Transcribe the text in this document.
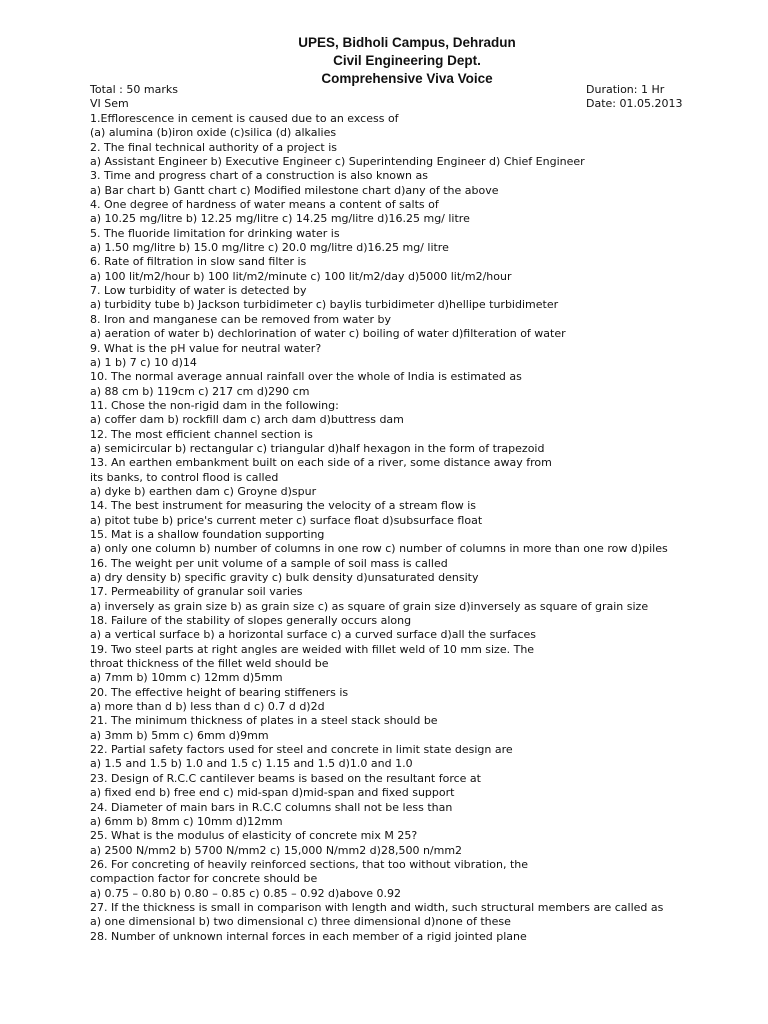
UPES, Bidholi Campus, Dehradun
Civil Engineering Dept.
Comprehensive Viva Voice
Total : 50 marks	Duration: 1 Hr
VI Sem	Date: 01.05.2013
1.Efflorescence in cement is caused due to an excess of
(a) alumina (b)iron oxide (c)silica (d) alkalies
2. The final technical authority of a project is
a) Assistant Engineer b) Executive Engineer c) Superintending Engineer d) Chief Engineer
3. Time and progress chart of a construction is also known as
a) Bar chart b) Gantt chart c) Modified milestone chart d)any of the above
4. One degree of hardness of water means a content of salts of
a) 10.25 mg/litre b) 12.25 mg/litre c) 14.25 mg/litre d)16.25 mg/ litre
5. The fluoride limitation for drinking water is
a) 1.50 mg/litre b) 15.0 mg/litre c) 20.0 mg/litre d)16.25 mg/ litre
6. Rate of filtration in slow sand filter is
a) 100 lit/m2/hour b) 100 lit/m2/minute c) 100 lit/m2/day d)5000 lit/m2/hour
7. Low turbidity of water is detected by
a) turbidity tube b) Jackson turbidimeter c) baylis turbidimeter d)hellipe turbidimeter
8. Iron and manganese can be removed from water by
a) aeration of water b) dechlorination of water c) boiling of water d)filteration of water
9. What is the pH value for neutral water?
a) 1 b) 7 c) 10 d)14
10. The normal average annual rainfall over the whole of India is estimated as
a) 88 cm b) 119cm c) 217 cm d)290 cm
11. Chose the non-rigid dam in the following:
a) coffer dam b) rockfill dam c) arch dam d)buttress dam
12. The most efficient channel section is
a) semicircular b) rectangular c) triangular d)half hexagon in the form of trapezoid
13. An earthen embankment built on each side of a river, some distance away from
its banks, to control flood is called
a) dyke b) earthen dam c) Groyne d)spur
14. The best instrument for measuring the velocity of a stream flow is
a) pitot tube b) price's current meter c) surface float d)subsurface float
15. Mat is a shallow foundation supporting
a) only one column b) number of columns in one row c) number of columns in more than one row d)piles
16. The weight per unit volume of a sample of soil mass is called
a) dry density b) specific gravity c) bulk density d)unsaturated density
17. Permeability of granular soil varies
a) inversely as grain size b) as grain size c) as square of grain size d)inversely as square of grain size
18. Failure of the stability of slopes generally occurs along
a) a vertical surface b) a horizontal surface c) a curved surface d)all the surfaces
19. Two steel parts at right angles are weided with fillet weld of 10 mm size. The
throat thickness of the fillet weld should be
a) 7mm b) 10mm c) 12mm d)5mm
20. The effective height of bearing stiffeners is
a) more than d b) less than d c) 0.7 d d)2d
21. The minimum thickness of plates in a steel stack should be
a) 3mm b) 5mm c) 6mm d)9mm
22. Partial safety factors used for steel and concrete in limit state design are
a) 1.5 and 1.5 b) 1.0 and 1.5 c) 1.15 and 1.5 d)1.0 and 1.0
23. Design of R.C.C cantilever beams is based on the resultant force at
a) fixed end b) free end c) mid-span d)mid-span and fixed support
24. Diameter of main bars in R.C.C columns shall not be less than
a) 6mm b) 8mm c) 10mm d)12mm
25. What is the modulus of elasticity of concrete mix M 25?
a) 2500 N/mm2 b) 5700 N/mm2 c) 15,000 N/mm2 d)28,500 n/mm2
26. For concreting of heavily reinforced sections, that too without vibration, the
compaction factor for concrete should be
a) 0.75 – 0.80 b) 0.80 – 0.85 c) 0.85 – 0.92 d)above 0.92
27. If the thickness is small in comparison with length and width, such structural members are called as
a) one dimensional b) two dimensional c) three dimensional d)none of these
28. Number of unknown internal forces in each member of a rigid jointed plane
